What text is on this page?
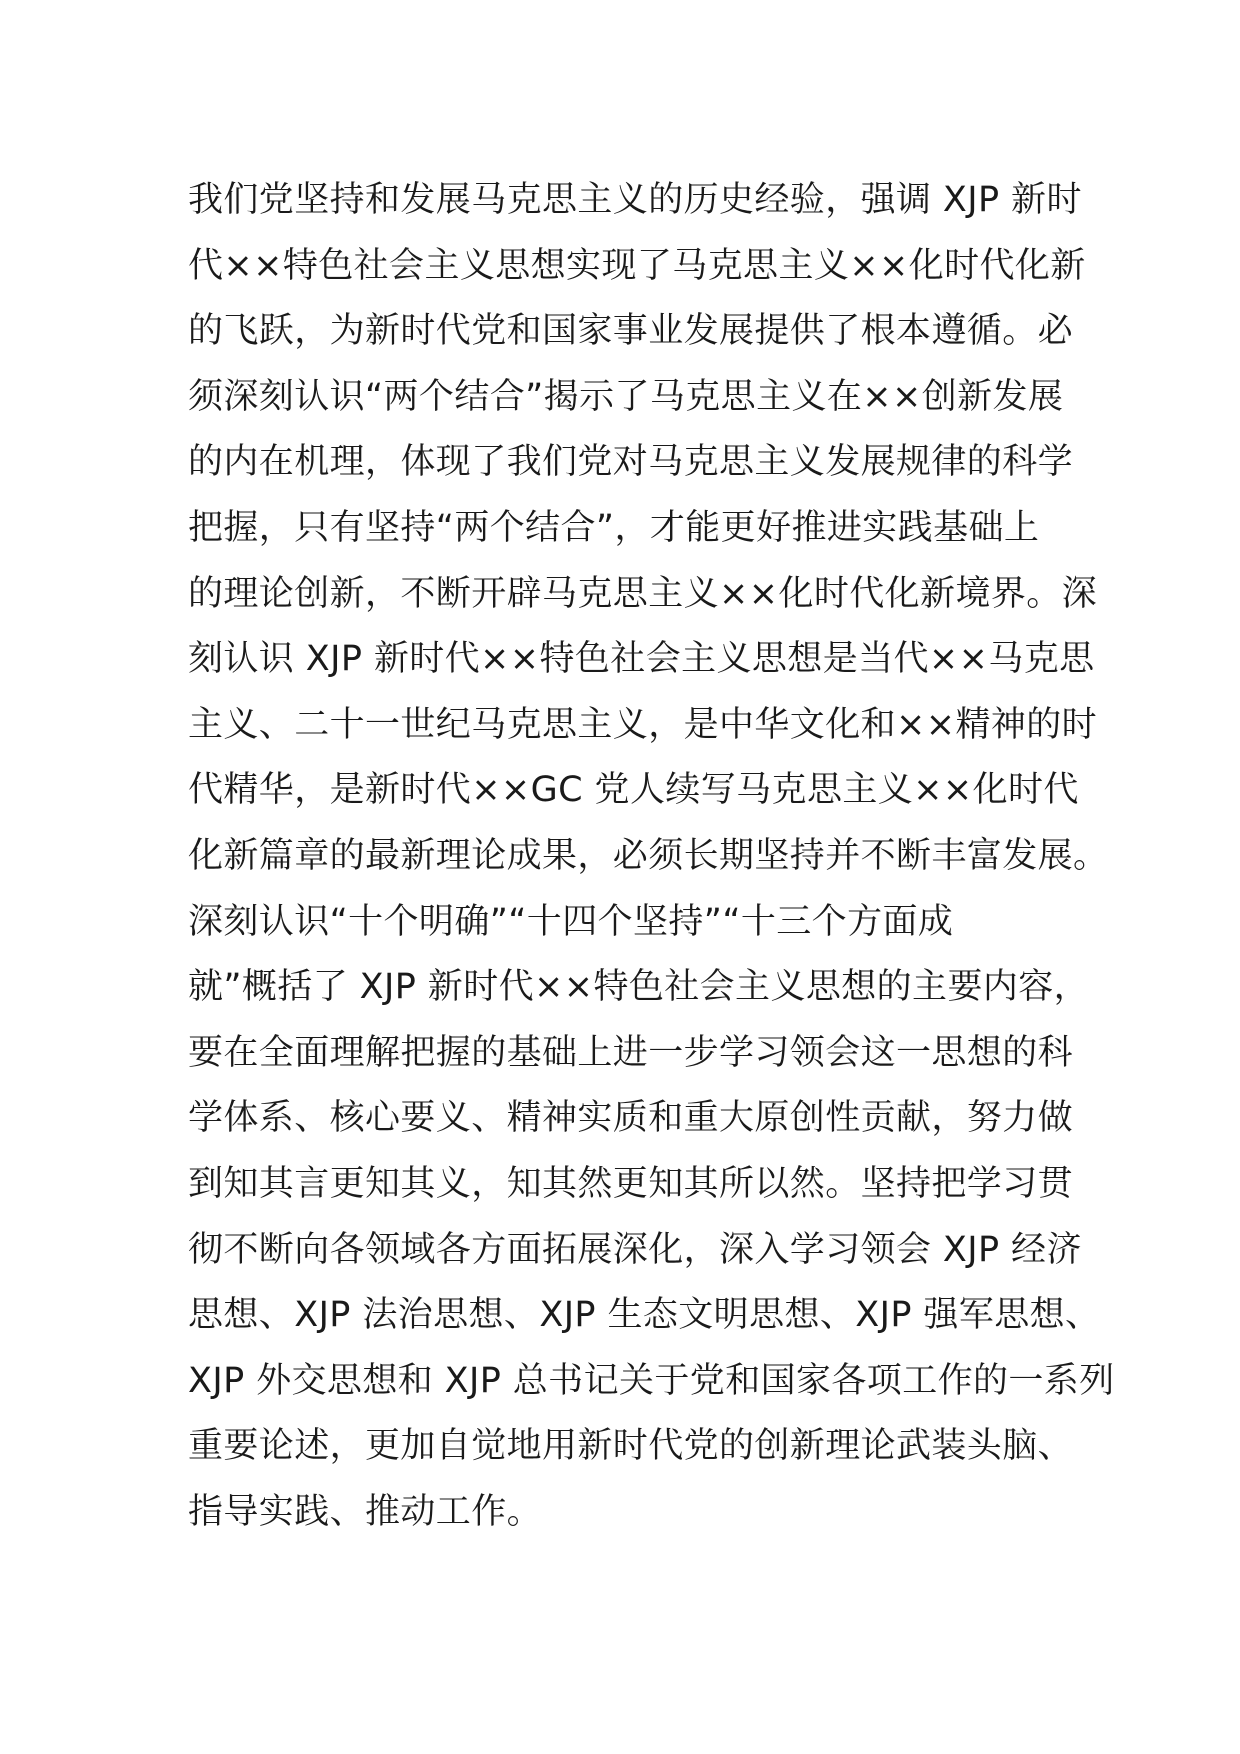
我们党坚持和发展马克思主义的历史经验，强调 XJP 新时
代××特色社会主义思想实现了马克思主义××化时代化新
的飞跃，为新时代党和国家事业发展提供了根本遵循。必
须深刻认识“两个结合”揭示了马克思主义在××创新发展
的内在机理，体现了我们党对马克思主义发展规律的科学
把握，只有坚持“两个结合”，才能更好推进实践基础上
的理论创新，不断开辟马克思主义××化时代化新境界。深
刻认识 XJP 新时代××特色社会主义思想是当代××马克思
主义、二十一世纪马克思主义，是中华文化和××精神的时
代精华，是新时代××GC 党人续写马克思主义××化时代
化新篇章的最新理论成果，必须长期坚持并不断丰富发展。
深刻认识“十个明确”“十四个坚持”“十三个方面成
就”概括了 XJP 新时代××特色社会主义思想的主要内容，
要在全面理解把握的基础上进一步学习领会这一思想的科
学体系、核心要义、精神实质和重大原创性贡献，努力做
到知其言更知其义，知其然更知其所以然。坚持把学习贯
彻不断向各领域各方面拓展深化，深入学习领会 XJP 经济
思想、XJP 法治思想、XJP 生态文明思想、XJP 强军思想、
XJP 外交思想和 XJP 总书记关于党和国家各项工作的一系列
重要论述，更加自觉地用新时代党的创新理论武装头脑、
指导实践、推动工作。
